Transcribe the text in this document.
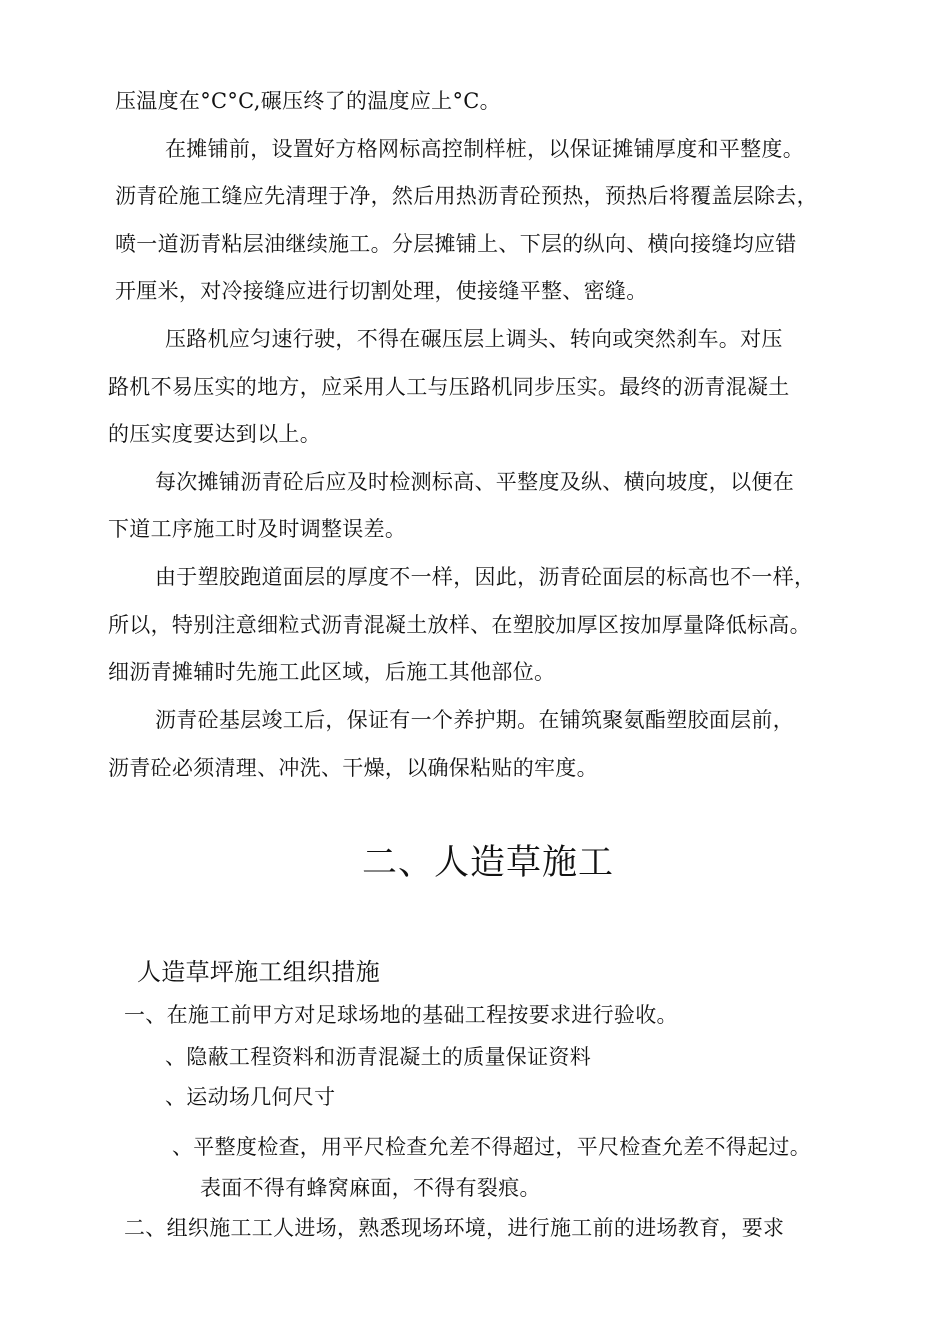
压温度在°C°C,碾压终了的温度应上°C。
在摊铺前，设置好方格网标高控制样桩，以保证摊铺厚度和平整度。
沥青砼施工缝应先清理于净，然后用热沥青砼预热，预热后将覆盖层除去，
喷一道沥青粘层油继续施工。分层摊铺上、下层的纵向、横向接缝均应错
开厘米，对冷接缝应进行切割处理，使接缝平整、密缝。
压路机应匀速行驶，不得在碾压层上调头、转向或突然刹车。对压
路机不易压实的地方，应采用人工与压路机同步压实。最终的沥青混凝土
的压实度要达到以上。
每次摊铺沥青砼后应及时检测标高、平整度及纵、横向坡度，以便在
下道工序施工时及时调整误差。
由于塑胶跑道面层的厚度不一样，因此，沥青砼面层的标高也不一样，
所以，特别注意细粒式沥青混凝土放样、在塑胶加厚区按加厚量降低标高。
细沥青摊辅时先施工此区域，后施工其他部位。
沥青砼基层竣工后，保证有一个养护期。在铺筑聚氨酯塑胶面层前，
沥青砼必须清理、冲洗、干燥，以确保粘贴的牢度。
二、人造草施工
人造草坪施工组织措施
一、在施工前甲方对足球场地的基础工程按要求进行验收。
、隐蔽工程资料和沥青混凝土的质量保证资料
、运动场几何尺寸
、平整度检查，用平尺检查允差不得超过，平尺检查允差不得起过。
表面不得有蜂窝麻面，不得有裂痕。
二、组织施工工人进场，熟悉现场环境，进行施工前的进场教育，要求
